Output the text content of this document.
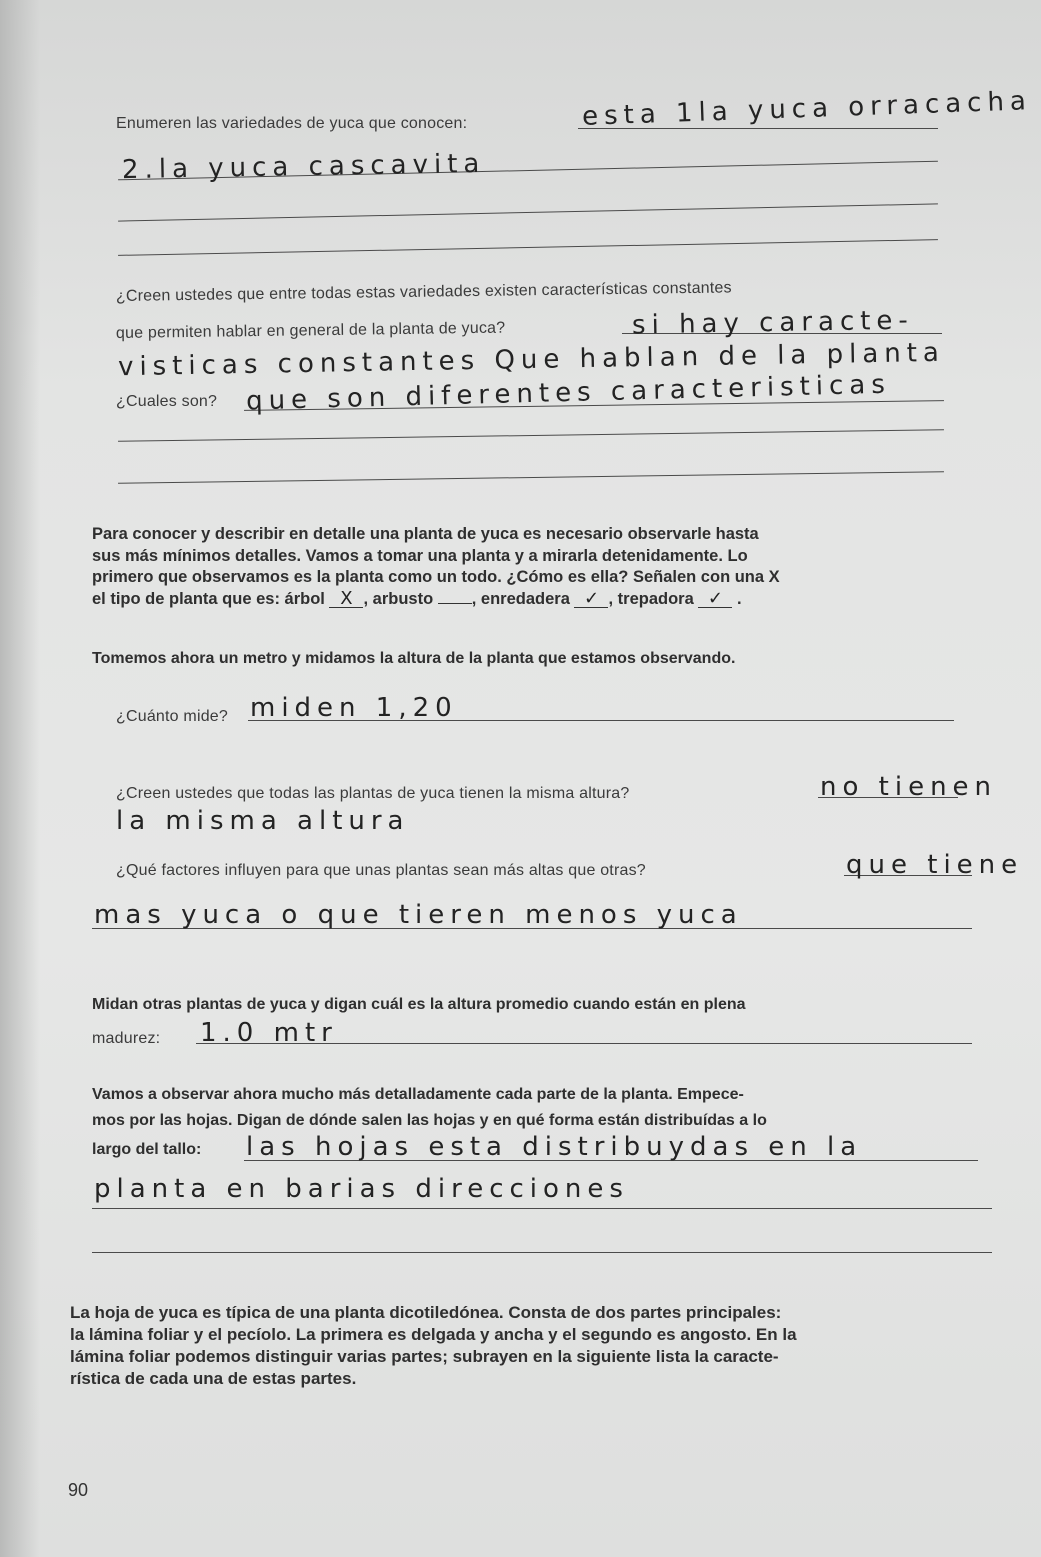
Enumeren las variedades de yuca que conocen:	esta 1la yuca orracacha
2.la yuca cascavita
¿Creen ustedes que entre todas estas variedades existen características constantes
que permiten hablar en general de la planta de yuca?	si hay caracte-
visticas constantes Que hablan de la planta
¿Cuales son? que son diferentes caracteristicas
Para conocer y describir en detalle una planta de yuca es necesario observarle hasta
sus más mínimos detalles. Vamos a tomar una planta y a mirarla detenidamente. Lo
primero que observamos es la planta como un todo. ¿Cómo es ella? Señalen con una X
el tipo de planta que es: árbol X , arbusto , enredadera ✓ , trepadora ✓ .
Tomemos ahora un metro y midamos la altura de la planta que estamos observando.
¿Cuánto mide? miden 1,20
¿Creen ustedes que todas las plantas de yuca tienen la misma altura?	no tienen
la misma altura
¿Qué factores influyen para que unas plantas sean más altas que otras?	que tiene
mas yuca o que tieren menos yuca
Midan otras plantas de yuca y digan cuál es la altura promedio cuando están en plena
madurez: 1.0 mtr
Vamos a observar ahora mucho más detalladamente cada parte de la planta. Empece-
mos por las hojas. Digan de dónde salen las hojas y en qué forma están distribuídas a lo
largo del tallo: las hojas esta distribuydas en la
planta en barias direcciones
La hoja de yuca es típica de una planta dicotiledónea. Consta de dos partes principales:
la lámina foliar y el pecíolo. La primera es delgada y ancha y el segundo es angosto. En la
lámina foliar podemos distinguir varias partes; subrayen en la siguiente lista la caracte-
rística de cada una de estas partes.
90
